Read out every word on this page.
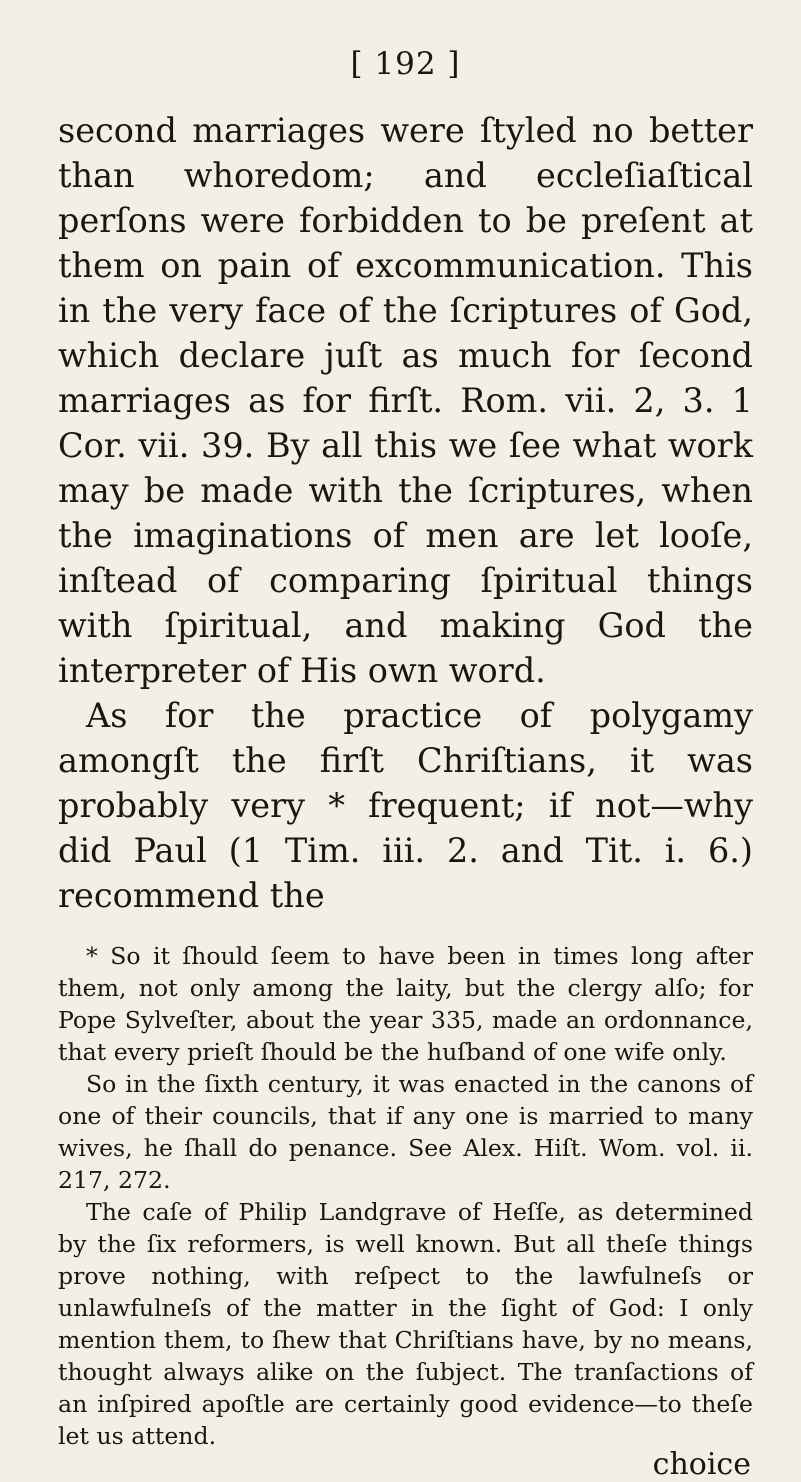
[ 192 ]

second marriages were ſtyled no better than whoredom; and eccleſiaſtical perſons were forbidden to be preſent at them on pain of excommunication. This in the very face of the ſcriptures of God, which declare juſt as much for ſecond marriages as for firſt. Rom. vii. 2, 3. 1 Cor. vii. 39. By all this we ſee what work may be made with the ſcriptures, when the imaginations of men are let looſe, inſtead of comparing ſpiritual things with ſpiritual, and making God the interpreter of His own word.

As for the practice of polygamy amongſt the firſt Chriſtians, it was probably very * frequent; if not—why did Paul (1 Tim. iii. 2. and Tit. i. 6.) recommend the

* So it ſhould ſeem to have been in times long after them, not only among the laity, but the clergy alſo; for Pope Sylveſter, about the year 335, made an ordonnance, that every prieſt ſhould be the huſband of one wife only.

So in the ſixth century, it was enacted in the canons of one of their councils, that if any one is married to many wives, he ſhall do penance. See Alex. Hiſt. Wom. vol. ii. 217, 272.

The caſe of Philip Landgrave of Heſſe, as determined by the ſix reformers, is well known. But all theſe things prove nothing, with reſpect to the lawfulneſs or unlawfulneſs of the matter in the ſight of God: I only mention them, to ſhew that Chriſtians have, by no means, thought always alike on the ſubject. The tranſactions of an inſpired apoſtle are certainly good evidence—to theſe let us attend.

choice
